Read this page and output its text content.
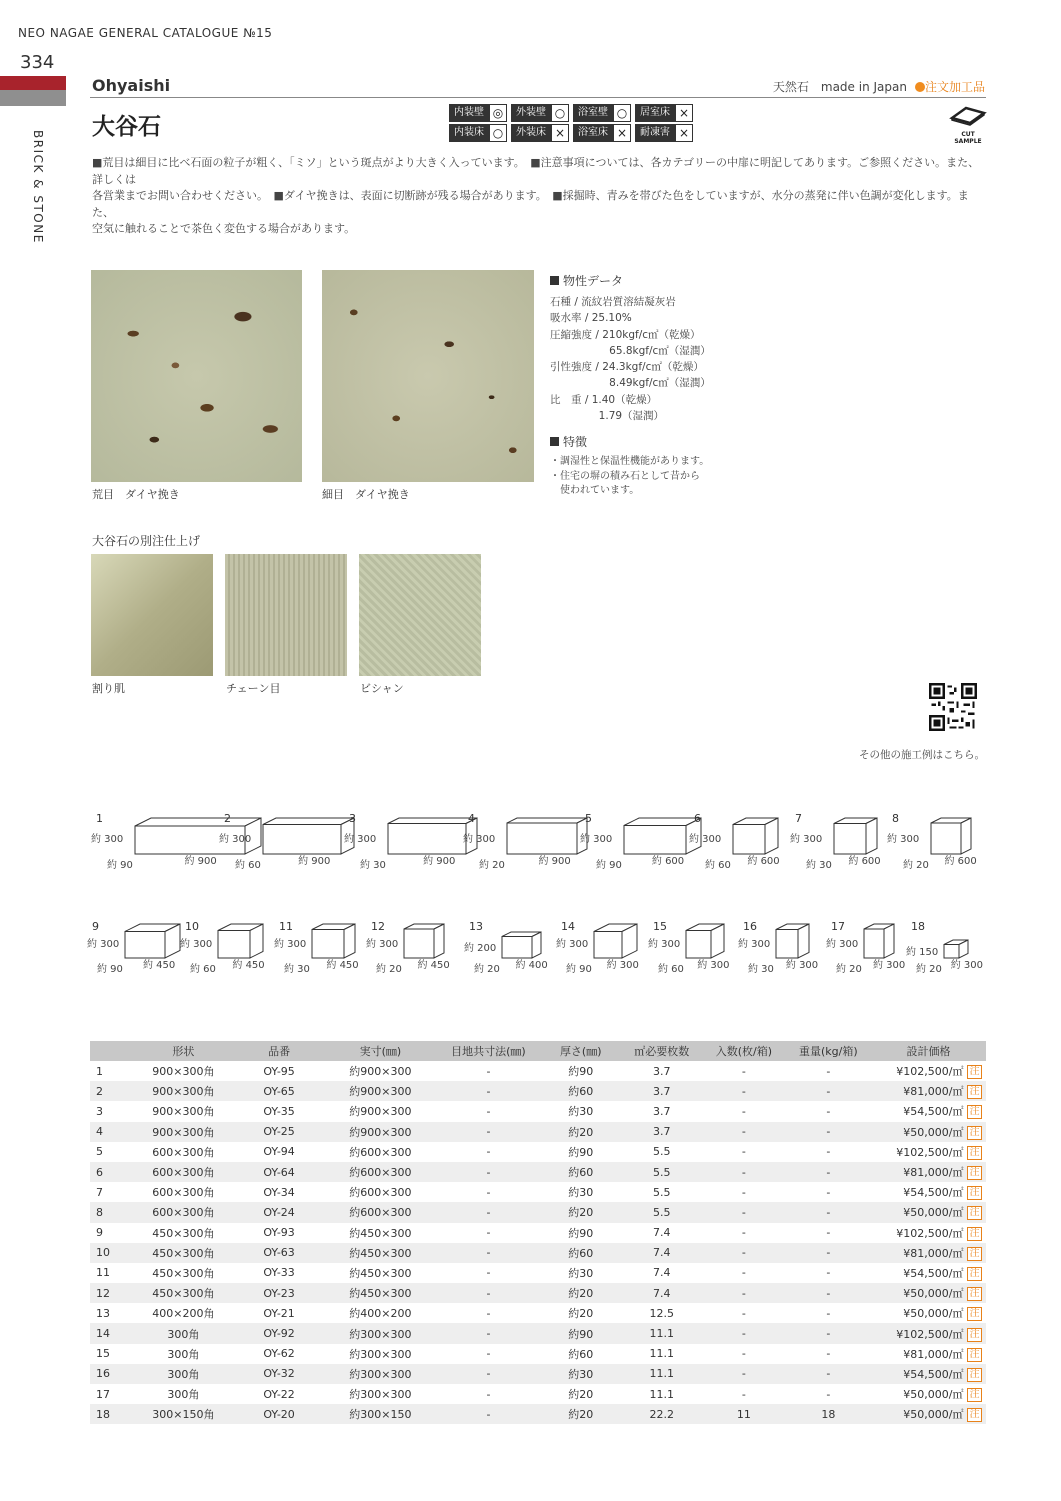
NEO NAGAE GENERAL CATALOGUE №15
334
BRICK & STONE
Ohyaishi	天然石　made in Japan 注文加工品
大谷石
内装壁 ◎	外装壁 ○	浴室壁 ○	居室床 ×
内装床 ○	外装床 ×	浴室床 ×	耐凍害 ×	CUT SAMPLE
■荒目は細目に比べ石面の粒子が粗く、「ミソ」という斑点がより大きく入っています。　■注意事項については、各カテゴリーの中扉に明記してあります。ご参照ください。また、詳しくは
各営業までお問い合わせください。　■ダイヤ挽きは、表面に切断跡が残る場合があります。　■採掘時、青みを帯びた色をしていますが、水分の蒸発に伴い色調が変化します。また、
空気に触れることで茶色く変色する場合があります。
荒目　ダイヤ挽き	細目　ダイヤ挽き
物性データ
石種 / 流紋岩質溶結凝灰岩
吸水率 / 25.10%
圧縮強度 / 210kgf/c㎡（乾燥）
　　　　　  65.8kgf/c㎡（湿潤）
引性強度 / 24.3kgf/c㎡（乾燥）
　　　　　  8.49kgf/c㎡（湿潤）
比　重 / 1.40（乾燥）
　　　　  1.79（湿潤）
特徴
・調湿性と保温性機能があります。
・住宅の塀の積み石として昔から
　使われています。
大谷石の別注仕上げ
割り肌	チェーン目	ビシャン
その他の施工例はこちら。
1
約 300
約 90	約 900
2
約 300
約 60	約 900
3
約 300
約 30	約 900
4
約 300
約 20	約 900
5
約 300
約 90	約 600
6
約 300
約 60 約 600
7
約 300
約 30 約 600
8
約 300
約 20 約 600
9
約 300
約 90 約 450
10
約 300
約 60 約 450
11
約 300
約 30 約 450
12
約 300
約 20 約 450
13
約 200
約 20 約 400
14
約 300
約 90 約 300
15
約 300
約 60 約 300
16
約 300
約 30 約 300
17
約 300
約 20 約 300
18
約 150
約 20 約 300
	形状	品番	実寸(㎜)	目地共寸法(㎜)	厚さ(㎜)	㎡必要枚数	入数(枚/箱)	重量(kg/箱)	設計価格
1	900×300角	OY-95	約900×300	-	約90	3.7	-	-	¥102,500/㎡ 注
2	900×300角	OY-65	約900×300	-	約60	3.7	-	-	¥81,000/㎡ 注
3	900×300角	OY-35	約900×300	-	約30	3.7	-	-	¥54,500/㎡ 注
4	900×300角	OY-25	約900×300	-	約20	3.7	-	-	¥50,000/㎡ 注
5	600×300角	OY-94	約600×300	-	約90	5.5	-	-	¥102,500/㎡ 注
6	600×300角	OY-64	約600×300	-	約60	5.5	-	-	¥81,000/㎡ 注
7	600×300角	OY-34	約600×300	-	約30	5.5	-	-	¥54,500/㎡ 注
8	600×300角	OY-24	約600×300	-	約20	5.5	-	-	¥50,000/㎡ 注
9	450×300角	OY-93	約450×300	-	約90	7.4	-	-	¥102,500/㎡ 注
10	450×300角	OY-63	約450×300	-	約60	7.4	-	-	¥81,000/㎡ 注
11	450×300角	OY-33	約450×300	-	約30	7.4	-	-	¥54,500/㎡ 注
12	450×300角	OY-23	約450×300	-	約20	7.4	-	-	¥50,000/㎡ 注
13	400×200角	OY-21	約400×200	-	約20	12.5	-	-	¥50,000/㎡ 注
14	300角	OY-92	約300×300	-	約90	11.1	-	-	¥102,500/㎡ 注
15	300角	OY-62	約300×300	-	約60	11.1	-	-	¥81,000/㎡ 注
16	300角	OY-32	約300×300	-	約30	11.1	-	-	¥54,500/㎡ 注
17	300角	OY-22	約300×300	-	約20	11.1	-	-	¥50,000/㎡ 注
18	300×150角	OY-20	約300×150	-	約20	22.2	11	18	¥50,000/㎡ 注
